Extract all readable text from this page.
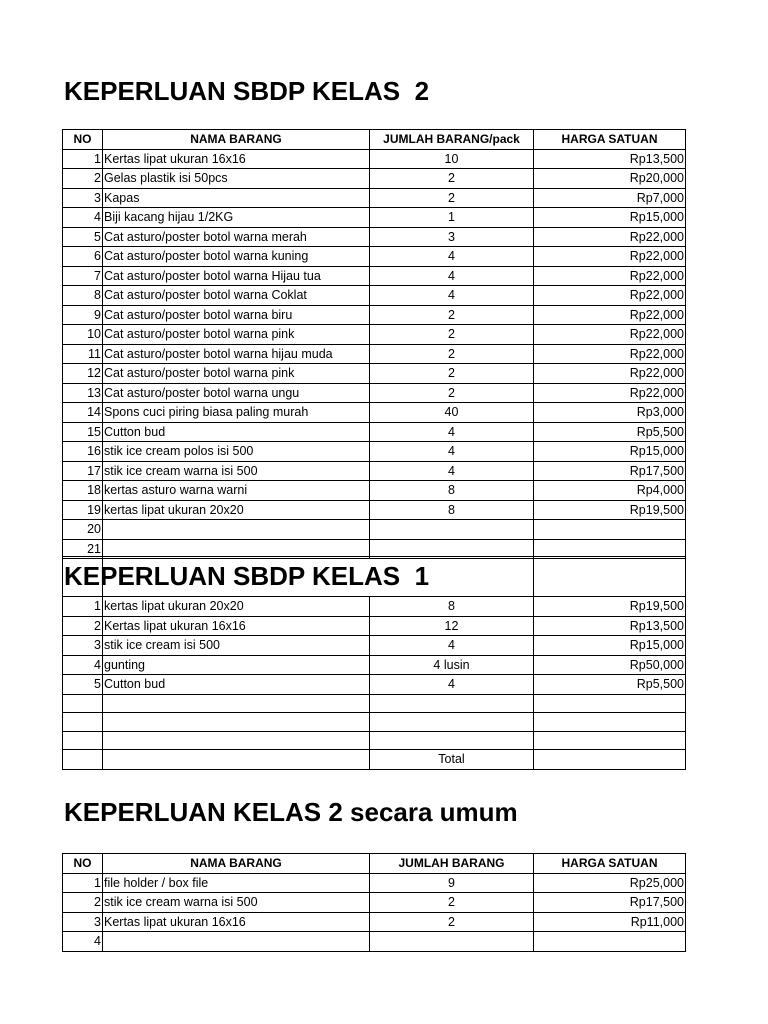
KEPERLUAN SBDP KELAS  2
NO	NAMA BARANG	JUMLAH BARANG/pack	HARGA SATUAN
1	Kertas lipat ukuran 16x16	10	Rp13,500
2	Gelas plastik isi 50pcs	2	Rp20,000
3	Kapas	2	Rp7,000
4	Biji kacang hijau 1/2KG	1	Rp15,000
5	Cat asturo/poster botol warna merah	3	Rp22,000
6	Cat asturo/poster botol warna kuning	4	Rp22,000
7	Cat asturo/poster botol warna Hijau tua	4	Rp22,000
8	Cat asturo/poster botol warna Coklat	4	Rp22,000
9	Cat asturo/poster botol warna biru	2	Rp22,000
10	Cat asturo/poster botol warna pink	2	Rp22,000
11	Cat asturo/poster botol warna hijau muda	2	Rp22,000
12	Cat asturo/poster botol warna pink	2	Rp22,000
13	Cat asturo/poster botol warna ungu	2	Rp22,000
14	Spons cuci piring biasa paling murah	40	Rp3,000
15	Cutton bud	4	Rp5,500
16	stik ice cream polos isi 500	4	Rp15,000
17	stik ice cream warna isi 500	4	Rp17,500
18	kertas asturo warna warni	8	Rp4,000
19	kertas lipat ukuran 20x20	8	Rp19,500
20			
21			
KEPERLUAN SBDP KELAS  1

1	kertas lipat ukuran 20x20	8	Rp19,500
2	Kertas lipat ukuran 16x16	12	Rp13,500
3	stik ice cream isi 500	4	Rp15,000
4	gunting	4 lusin	Rp50,000
5	Cutton bud	4	Rp5,500

		Total	
KEPERLUAN KELAS 2 secara umum
NO	NAMA BARANG	JUMLAH BARANG	HARGA SATUAN
1	file holder / box file	9	Rp25,000
2	stik ice cream warna isi 500	2	Rp17,500
3	Kertas lipat ukuran 16x16	2	Rp11,000
4			
